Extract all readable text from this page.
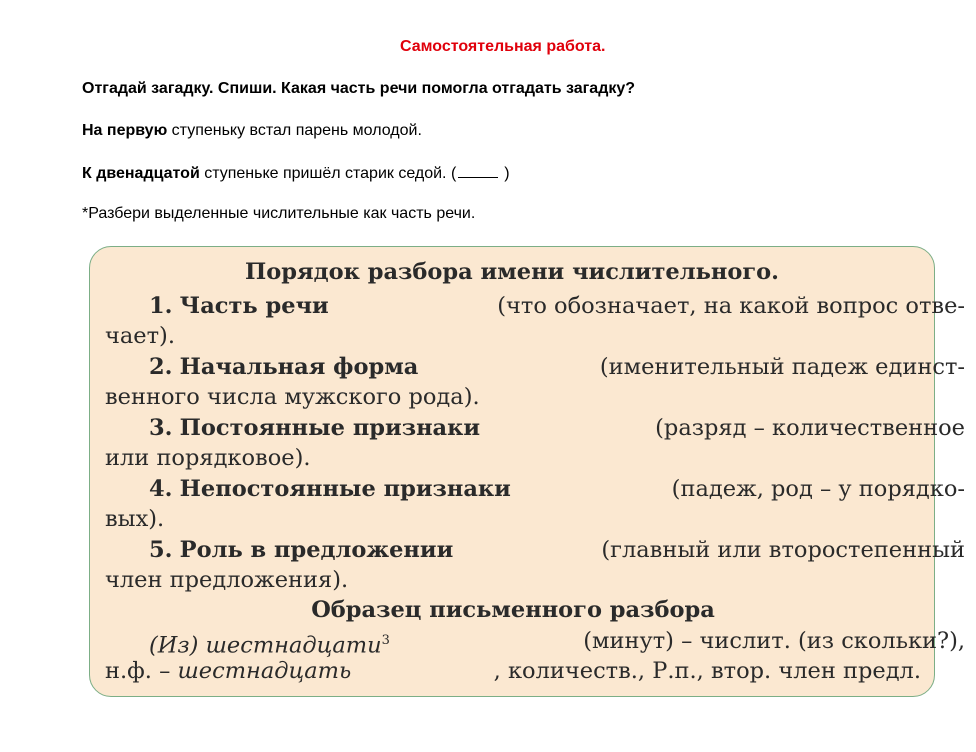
Самостоятельная работа.
Отгадай загадку. Спиши. Какая часть речи помогла отгадать загадку?
На первую ступеньку встал парень молодой.
К двенадцатой ступеньке пришёл старик седой. (	)
*Разбери выделенные числительные как часть речи.
Порядок разбора имени числительного.
1. Часть речи	(что обозначает, на какой вопрос отве-
чает).
2. Начальная форма	(именительный падеж единст-
венного числа мужского рода).
3. Постоянные признаки	(разряд – количественное
или порядковое).
4. Непостоянные признаки	(падеж, род – у порядко-
вых).
5. Роль в предложении	(главный или второстепенный
член предложения).
Образец письменного разбора
(Из) шестнадцати$^3$	(минут) – числит. (из скольки?),
н.ф. – шестнадцать	, количеств., Р.п., втор. член предл.
